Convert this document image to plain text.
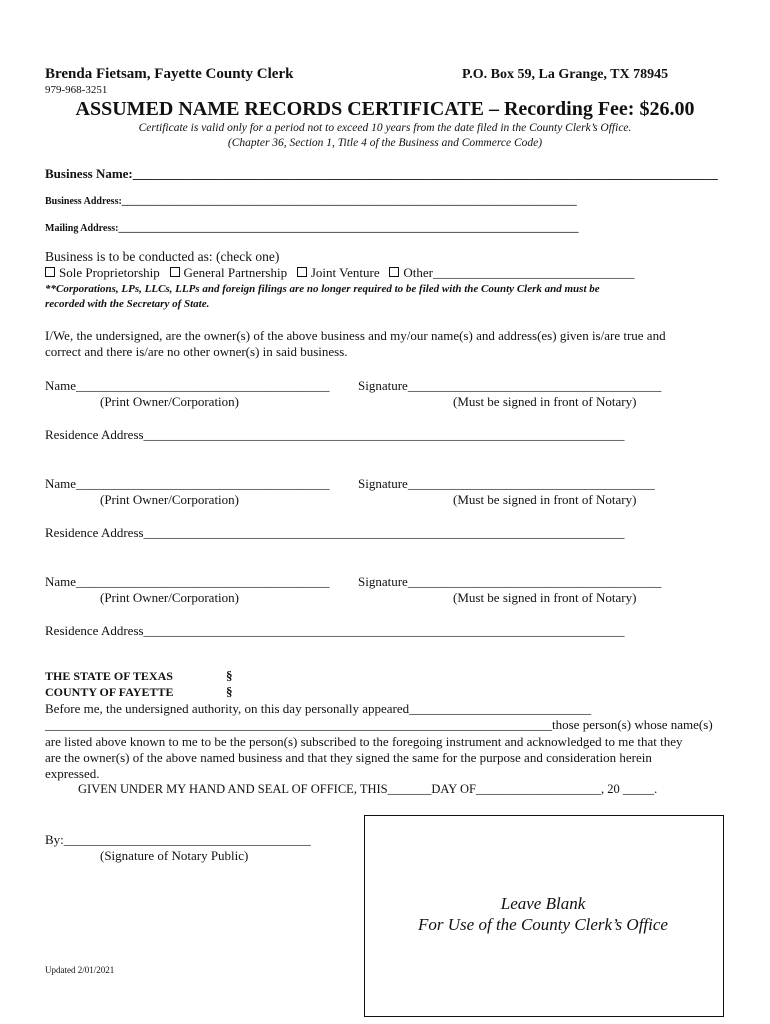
Brenda Fietsam, Fayette County Clerk
979-968-3251
P.O. Box 59, La Grange, TX 78945
ASSUMED NAME RECORDS CERTIFICATE – Recording Fee: $26.00
Certificate is valid only for a period not to exceed 10 years from the date filed in the County Clerk’s Office.
(Chapter 36, Section 1, Title 4 of the Business and Commerce Code)
Business Name:__________________________________________________________________________________________
Business Address:___________________________________________________________________________________________
Mailing Address:____________________________________________________________________________________________
Business is to be conducted as: (check one)
Sole Proprietorship General Partnership Joint Venture Other_______________________________
**Corporations, LPs, LLCs, LLPs and foreign filings are no longer required to be filed with the County Clerk and must be
recorded with the Secretary of State.
I/We, the undersigned, are the owner(s) of the above business and my/our name(s) and address(es) given is/are true and
correct and there is/are no other owner(s) in said business.
Name_______________________________________ Signature_______________________________________
(Print Owner/Corporation)	(Must be signed in front of Notary)
Residence Address__________________________________________________________________________
Name_______________________________________ Signature______________________________________
(Print Owner/Corporation)	(Must be signed in front of Notary)
Residence Address__________________________________________________________________________
Name_______________________________________ Signature_______________________________________
(Print Owner/Corporation)	(Must be signed in front of Notary)
Residence Address__________________________________________________________________________
THE STATE OF TEXAS	§
COUNTY OF FAYETTE	§
Before me, the undersigned authority, on this day personally appeared____________________________
______________________________________________________________________________those person(s) whose name(s)
are listed above known to me to be the person(s) subscribed to the foregoing instrument and acknowledged to me that they
are the owner(s) of the above named business and that they signed the same for the purpose and consideration herein
expressed.
GIVEN UNDER MY HAND AND SEAL OF OFFICE, THIS_______DAY OF____________________, 20 _____.
By:______________________________________
(Signature of Notary Public)
Leave Blank
For Use of the County Clerk’s Office
Updated 2/01/2021
